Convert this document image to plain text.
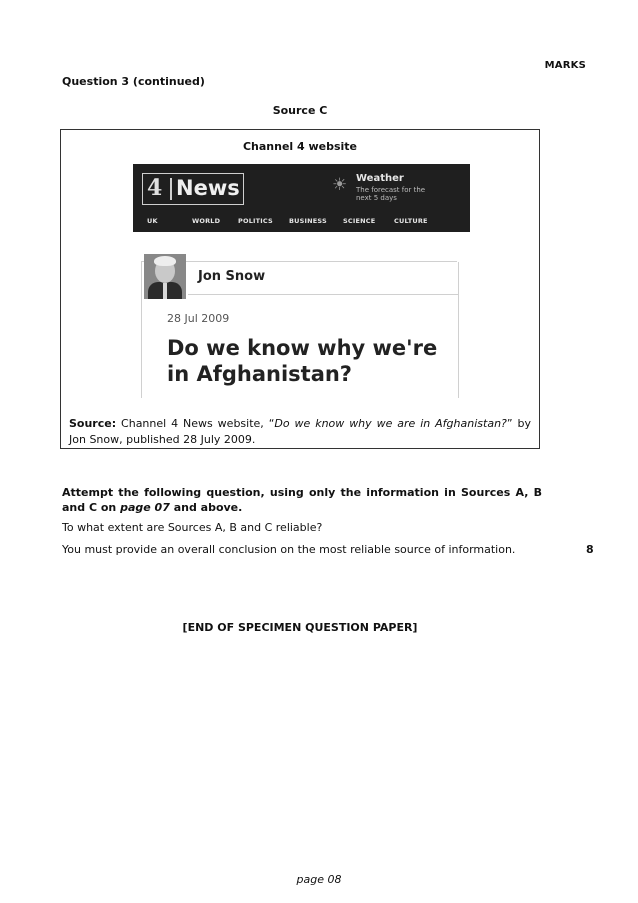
MARKS
Question 3 (continued)
Source C
Channel 4 website
4 News	☀ Weather
The forecast for the next 5 days
UK	WORLD	POLITICS BUSINESS SCIENCE	CULTURE
Jon Snow
28 Jul 2009
Do we know why we're in Afghanistan?
Source: Channel 4 News website, “Do we know why we are in Afghanistan?” by Jon Snow, published 28 July 2009.
Attempt the following question, using only the information in Sources A, B and C on page 07 and above.
To what extent are Sources A, B and C reliable?
You must provide an overall conclusion on the most reliable source of information.	8
[END OF SPECIMEN QUESTION PAPER]
page 08
